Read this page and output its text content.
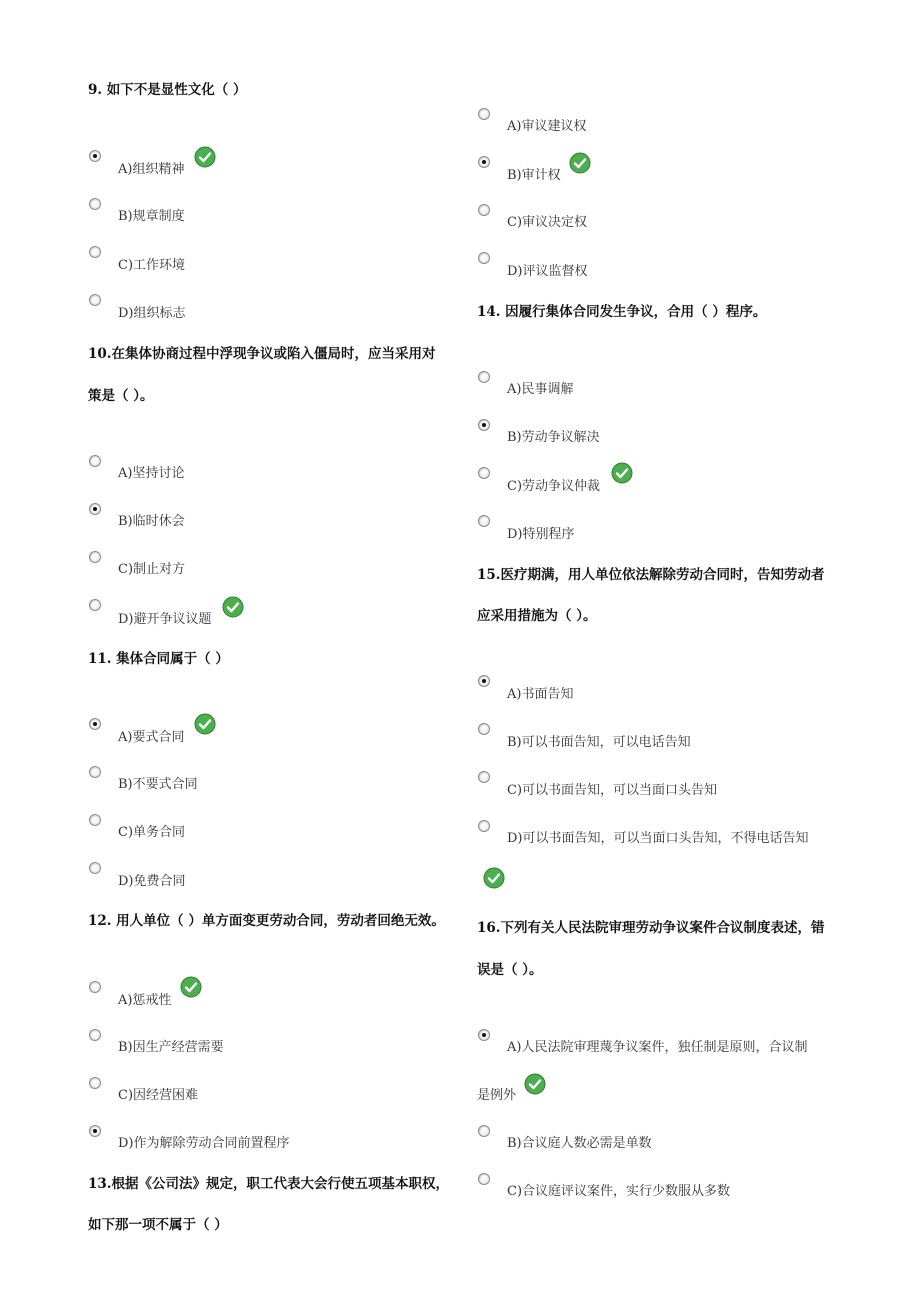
9. 如下不是显性文化（ ）
A)组织精神
B)规章制度
C)工作环境
D)组织标志
10.在集体协商过程中浮现争议或陷入僵局时，应当采用对
策是（ ）。
A)坚持讨论
B)临时休会
C)制止对方
D)避开争议议题
11. 集体合同属于（ ）
A)要式合同
B)不要式合同
C)单务合同
D)免费合同
12. 用人单位（ ）单方面变更劳动合同，劳动者回绝无效。
A)惩戒性
B)因生产经营需要
C)因经营困难
D)作为解除劳动合同前置程序
13.根据《公司法》规定，职工代表大会行使五项基本职权，
如下那一项不属于（ ）
A)审议建议权
B)审计权
C)审议决定权
D)评议监督权
14. 因履行集体合同发生争议，合用（ ）程序。
A)民事调解
B)劳动争议解决
C)劳动争议仲裁
D)特别程序
15.医疗期满，用人单位依法解除劳动合同时，告知劳动者
应采用措施为（ ）。
A)书面告知
B)可以书面告知，可以电话告知
C)可以书面告知，可以当面口头告知
D)可以书面告知，可以当面口头告知，不得电话告知
16.下列有关人民法院审理劳动争议案件合议制度表述，错
误是（ ）。
A)人民法院审理蔑争议案件，独任制是原则，合议制
是例外
B)合议庭人数必需是单数
C)合议庭评议案件，实行少数服从多数
